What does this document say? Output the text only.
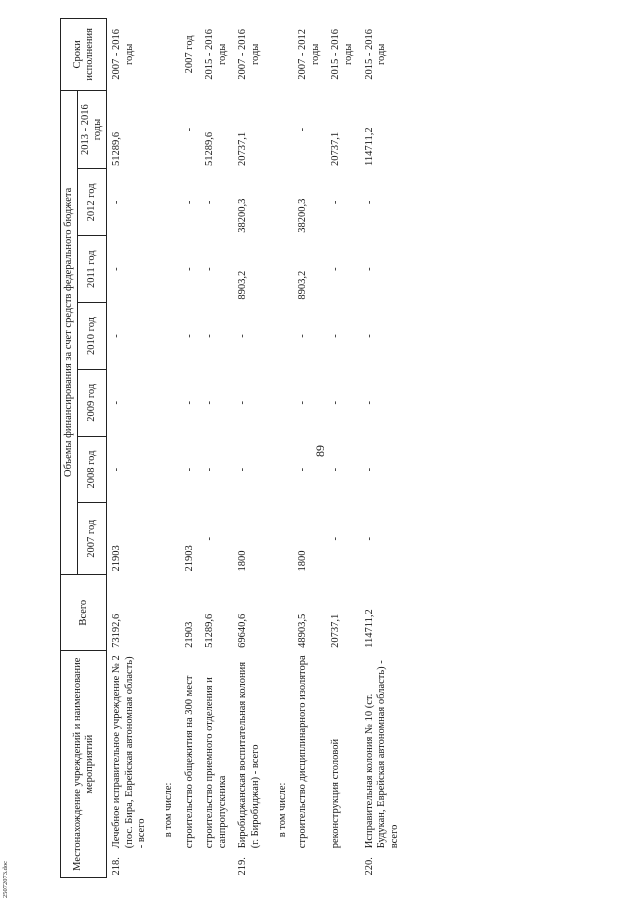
89
Местонахождение учреждений и наименование мероприятий		Всего	Объемы финансирования за счет средств федерального бюджета							Сроки исполнения
			2007 год	2008 год	2009 год	2010 год	2011 год	2012 год	2013 - 2016 годы	
218.	Лечебное исправительное учреждение № 2 (пос. Бира, Еврейская автономная область) - всего	73192,6	21903	-	-	-	-	-	51289,6	2007 - 2016 годы
	в том числе:									
	строительство общежития на 300 мест	21903	21903	-	-	-	-	-	-	2007 год
	строительство приемного отделения и санпропускника	51289,6	-	-	-	-	-	-	51289,6	2015 - 2016 годы
219.	Биробиджанская воспитательная колония (г. Биробиджан) - всего	69640,6	1800	-	-	-	8903,2	38200,3	20737,1	2007 - 2016 годы
	в том числе:									
	строительство дисциплинарного изолятора	48903,5	1800	-	-	-	8903,2	38200,3	-	2007 - 2012 годы
	реконструкция столовой	20737,1	-	-	-	-	-	-	20737,1	2015 - 2016 годы
220.	Исправительная колония № 10 (ст. Будукан, Еврейская автономная область) - всего	114711,2	-	-	-	-	-	-	114711,2	2015 - 2016 годы
25072073.doc
